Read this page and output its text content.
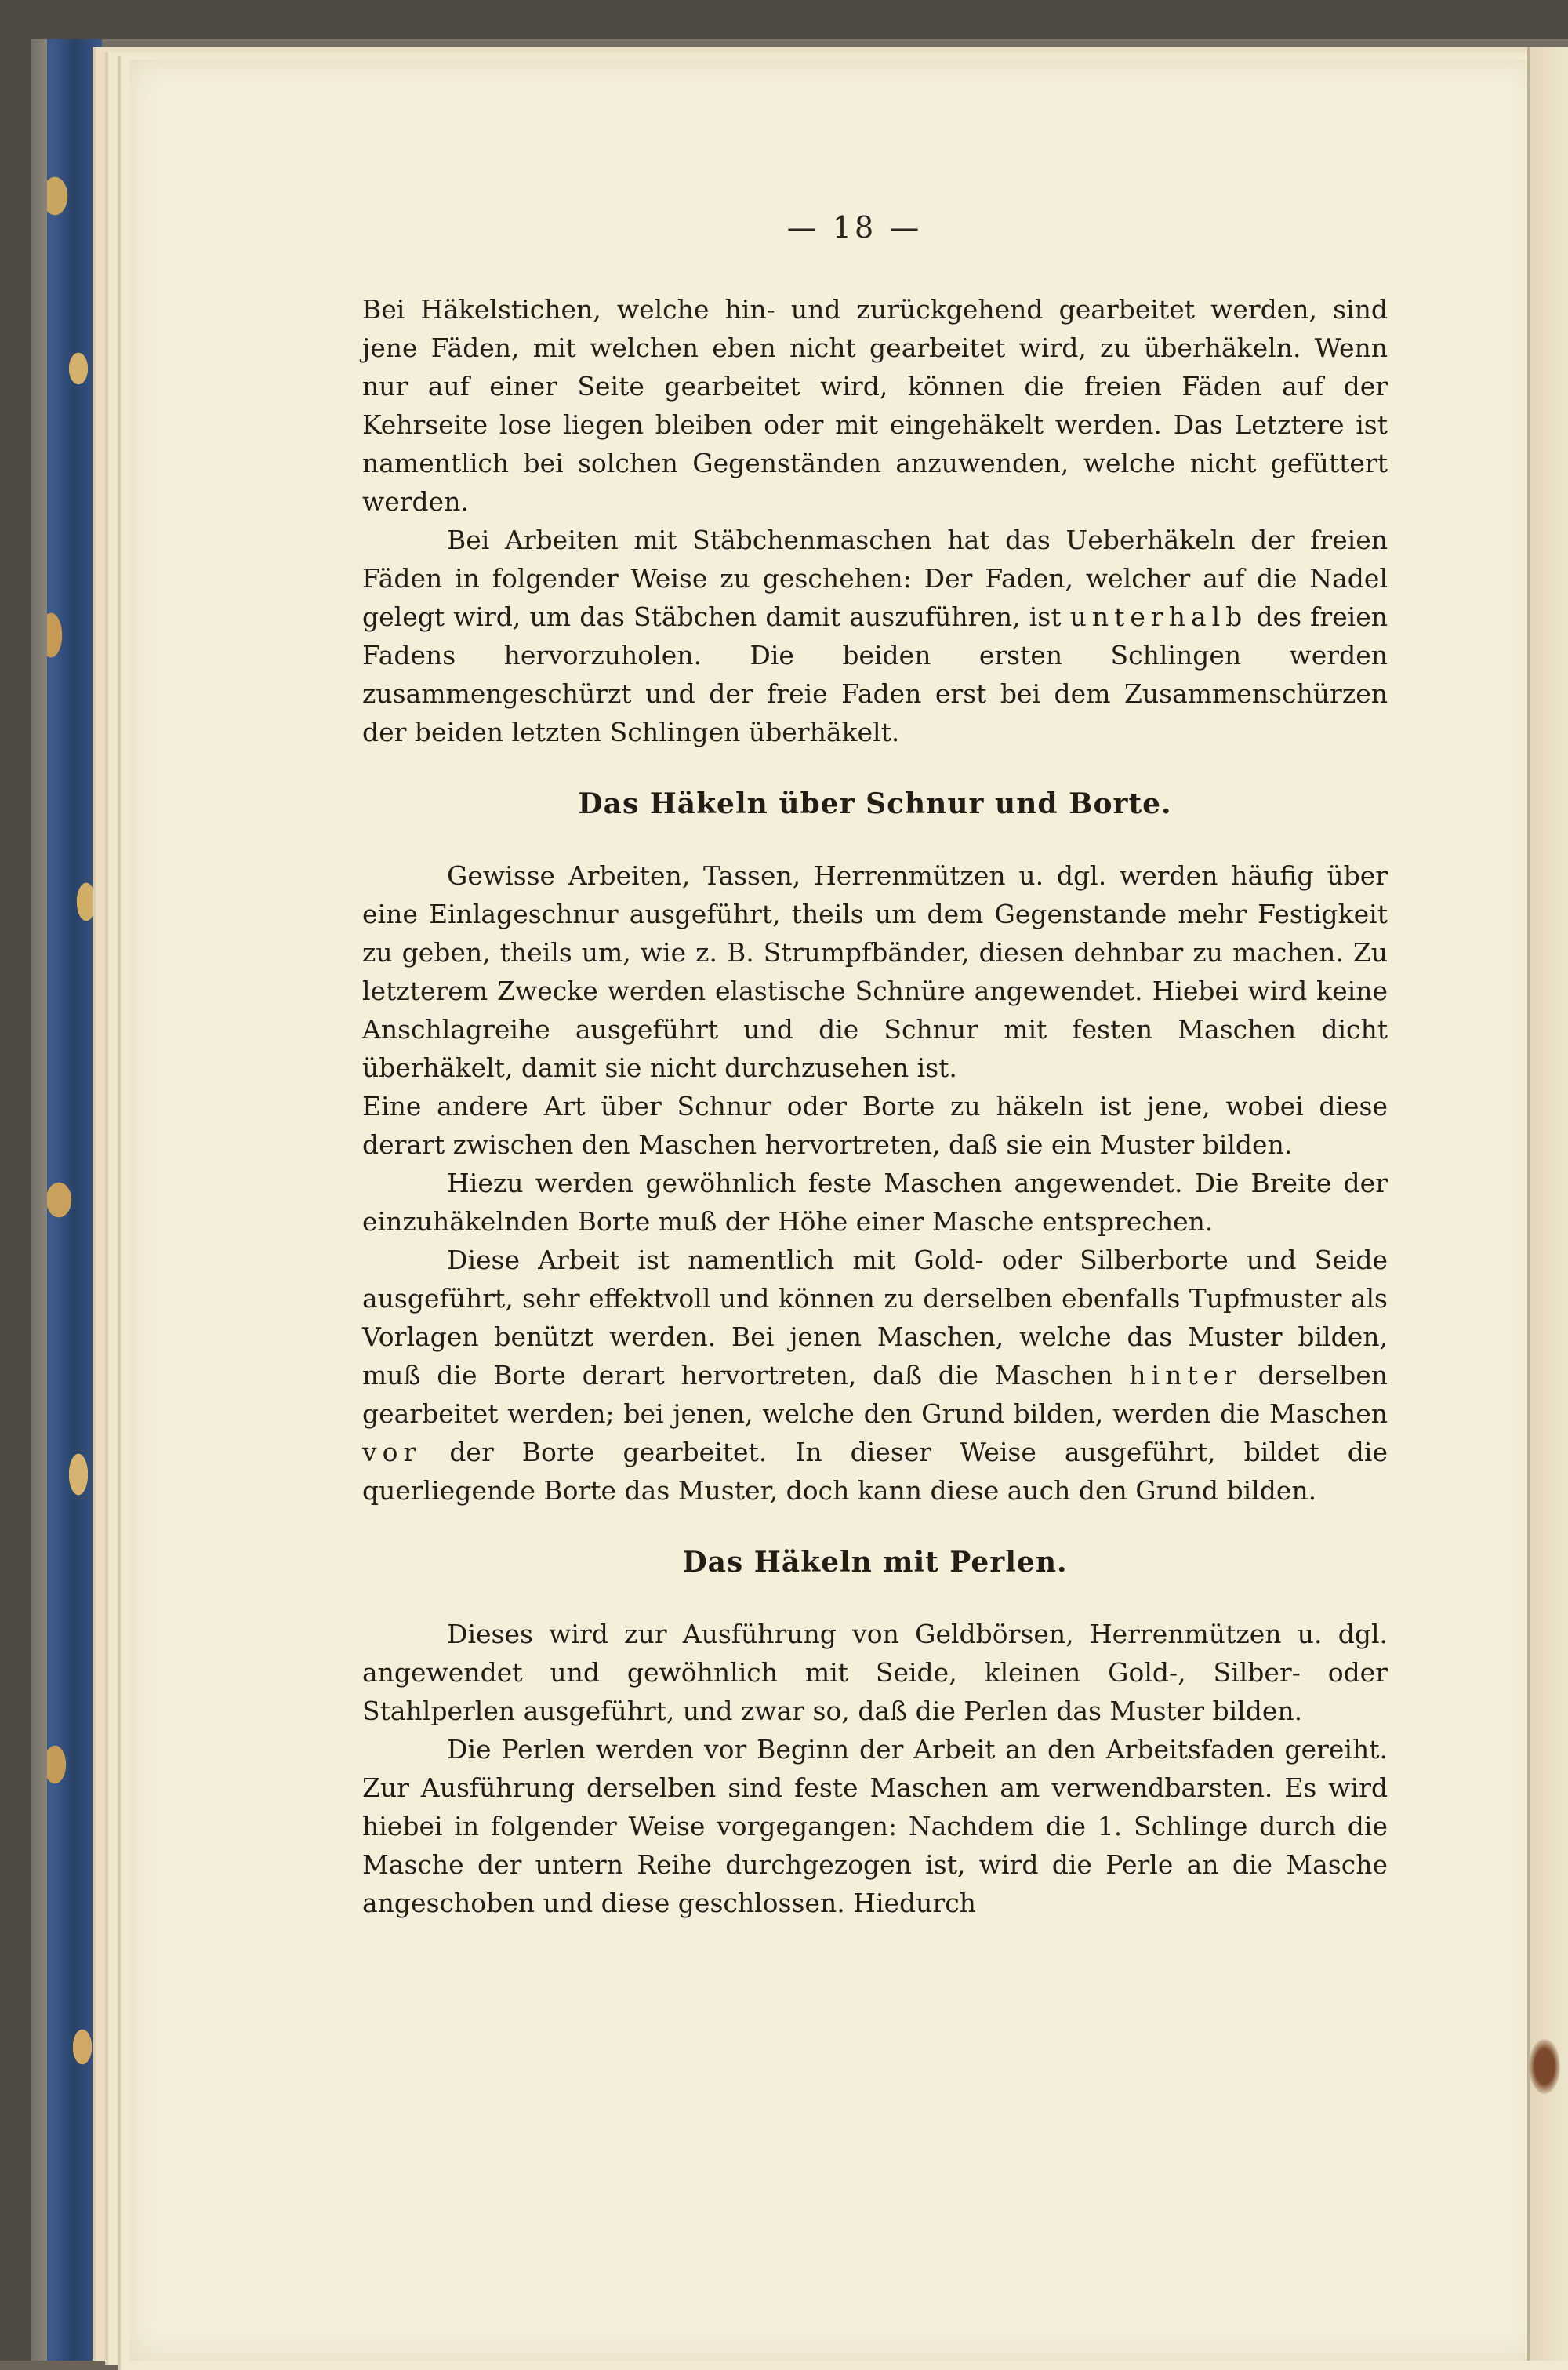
— 18 —

Bei Häkelstichen, welche hin- und zurückgehend gearbeitet werden, sind jene Fäden, mit welchen eben nicht gearbeitet wird, zu überhäkeln. Wenn nur auf einer Seite gearbeitet wird, können die freien Fäden auf der Kehrseite lose liegen bleiben oder mit eingehäkelt werden. Das Letztere ist namentlich bei solchen Gegenständen anzuwenden, welche nicht gefüttert werden.

Bei Arbeiten mit Stäbchenmaschen hat das Ueberhäkeln der freien Fäden in folgender Weise zu geschehen: Der Faden, welcher auf die Nadel gelegt wird, um das Stäbchen damit auszuführen, ist unterhalb des freien Fadens hervorzuholen. Die beiden ersten Schlingen werden zusammengeschürzt und der freie Faden erst bei dem Zusammenschürzen der beiden letzten Schlingen überhäkelt.

Das Häkeln über Schnur und Borte.

Gewisse Arbeiten, Tassen, Herrenmützen u. dgl. werden häufig über eine Einlageschnur ausgeführt, theils um dem Gegenstande mehr Festigkeit zu geben, theils um, wie z. B. Strumpfbänder, diesen dehnbar zu machen. Zu letzterem Zwecke werden elastische Schnüre angewendet. Hiebei wird keine Anschlagreihe ausgeführt und die Schnur mit festen Maschen dicht überhäkelt, damit sie nicht durchzusehen ist.

Eine andere Art über Schnur oder Borte zu häkeln ist jene, wobei diese derart zwischen den Maschen hervortreten, daß sie ein Muster bilden.

Hiezu werden gewöhnlich feste Maschen angewendet. Die Breite der einzuhäkelnden Borte muß der Höhe einer Masche entsprechen.

Diese Arbeit ist namentlich mit Gold- oder Silberborte und Seide ausgeführt, sehr effektvoll und können zu derselben ebenfalls Tupfmuster als Vorlagen benützt werden. Bei jenen Maschen, welche das Muster bilden, muß die Borte derart hervortreten, daß die Maschen hinter derselben gearbeitet werden; bei jenen, welche den Grund bilden, werden die Maschen vor der Borte gearbeitet. In dieser Weise ausgeführt, bildet die querliegende Borte das Muster, doch kann diese auch den Grund bilden.

Das Häkeln mit Perlen.

Dieses wird zur Ausführung von Geldbörsen, Herrenmützen u. dgl. angewendet und gewöhnlich mit Seide, kleinen Gold-, Silber- oder Stahlperlen ausgeführt, und zwar so, daß die Perlen das Muster bilden.

Die Perlen werden vor Beginn der Arbeit an den Arbeitsfaden gereiht. Zur Ausführung derselben sind feste Maschen am verwendbarsten. Es wird hiebei in folgender Weise vorgegangen: Nachdem die 1. Schlinge durch die Masche der untern Reihe durchgezogen ist, wird die Perle an die Masche angeschoben und diese geschlossen. Hiedurch
